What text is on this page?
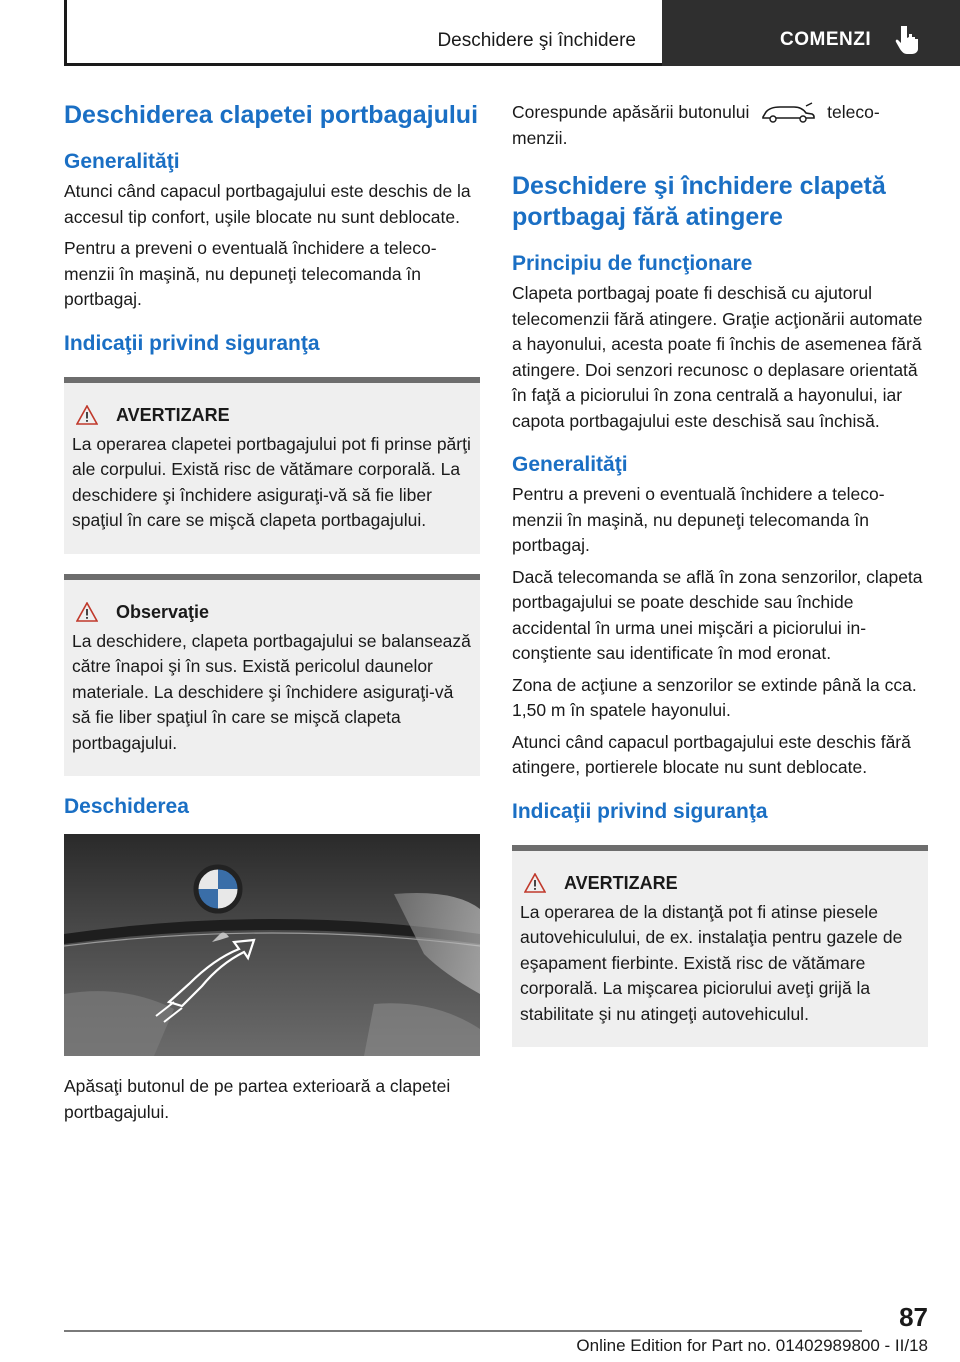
Deschidere şi închidere	COMENZI
Deschiderea clapetei portbagajului
Generalităţi

Atunci când capacul portbagajului este deschis de la accesul tip confort, uşile blocate nu sunt deblocate.

Pentru a preveni o eventuală închidere a telecomenzii în maşină, nu depuneţi telecomanda în portbagaj.

Indicaţii privind siguranţa
AVERTIZARE

La operarea clapetei portbagajului pot fi prinse părţi ale corpului. Există risc de vătămare corporală. La deschidere şi închidere asiguraţi-vă să fie liber spaţiul în care se mişcă clapeta portbagajului.

Observaţie

La deschidere, clapeta portbagajului se balansează către înapoi şi în sus. Există pericolul daunelor materiale. La deschidere şi închidere asiguraţi-vă să fie liber spaţiul în care se mişcă clapeta portbagajului.

Deschiderea

Apăsaţi butonul de pe partea exterioară a clapetei portbagajului.

Corespunde apăsării butonului	telecomenzii.

Deschidere şi închidere clapetă portbagaj fără atingere
Principiu de funcţionare

Clapeta portbagaj poate fi deschisă cu ajutorul telecomenzii fără atingere. Graţie acţionării automate a hayonului, acesta poate fi închis de asemenea fără atingere. Doi senzori recunosc o deplasare orientată în faţă a piciorului în zona centrală a hayonului, iar capota portbagajului este deschisă sau închisă.

Generalităţi

Pentru a preveni o eventuală închidere a telecomenzii în maşină, nu depuneţi telecomanda în portbagaj.

Dacă telecomanda se află în zona senzorilor, clapeta portbagajului se poate deschide sau închide accidental în urma unei mişcări a piciorului inconştiente sau identificate în mod eronat.

Zona de acţiune a senzorilor se extinde până la cca. 1,50 m în spatele hayonului.

Atunci când capacul portbagajului este deschis fără atingere, portierele blocate nu sunt deblocate.

Indicaţii privind siguranţa
AVERTIZARE

La operarea de la distanţă pot fi atinse piesele autovehiculului, de ex. instalaţia pentru gazele de eşapament fierbinte. Există risc de vătămare corporală. La mişcarea piciorului aveţi grijă la stabilitate şi nu atingeţi autovehiculul.

87
Online Edition for Part no. 01402989800 - II/18
